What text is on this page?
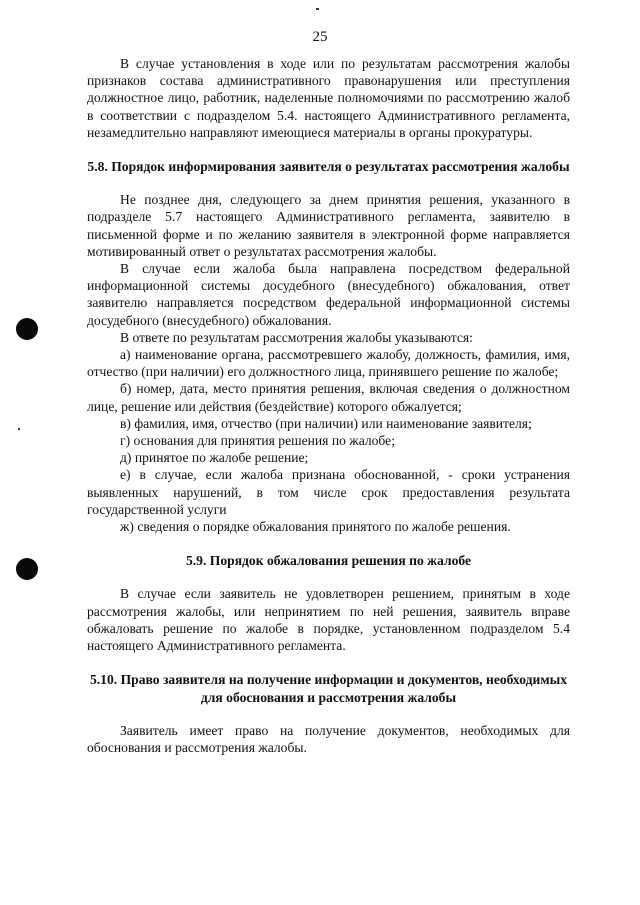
25

В случае установления в ходе или по результатам рассмотрения жалобы признаков состава административного правонарушения или преступления должностное лицо, работник, наделенные полномочиями по рассмотрению жалоб в соответствии с подразделом 5.4. настоящего Административного регламента, незамедлительно направляют имеющиеся материалы в органы прокуратуры.

5.8. Порядок информирования заявителя о результатах рассмотрения жалобы

Не позднее дня, следующего за днем принятия решения, указанного в подразделе 5.7 настоящего Административного регламента, заявителю в письменной форме и по желанию заявителя в электронной форме направляется мотивированный ответ о результатах рассмотрения жалобы.

В случае если жалоба была направлена посредством федеральной информационной системы досудебного (внесудебного) обжалования, ответ заявителю направляется посредством федеральной информационной системы досудебного (внесудебного) обжалования.

В ответе по результатам рассмотрения жалобы указываются:

а) наименование органа, рассмотревшего жалобу, должность, фамилия, имя, отчество (при наличии) его должностного лица, принявшего решение по жалобе;

б) номер, дата, место принятия решения, включая сведения о должностном лице, решение или действия (бездействие) которого обжалуется;

в) фамилия, имя, отчество (при наличии) или наименование заявителя;

г) основания для принятия решения по жалобе;

д) принятое по жалобе решение;

е) в случае, если жалоба признана обоснованной, - сроки устранения выявленных нарушений, в том числе срок предоставления результата государственной услуги

ж) сведения о порядке обжалования принятого по жалобе решения.

5.9. Порядок обжалования решения по жалобе

В случае если заявитель не удовлетворен решением, принятым в ходе рассмотрения жалобы, или непринятием по ней решения, заявитель вправе обжаловать решение по жалобе в порядке, установленном подразделом 5.4 настоящего Административного регламента.

5.10. Право заявителя на получение информации и документов, необходимых для обоснования и рассмотрения жалобы

Заявитель имеет право на получение документов, необходимых для обоснования и рассмотрения жалобы.
